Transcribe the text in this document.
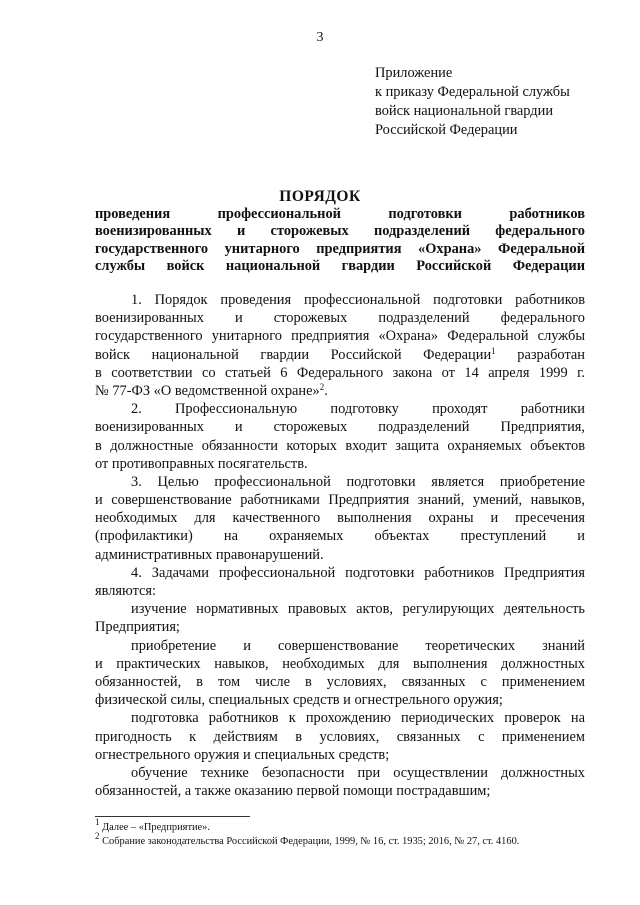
3
Приложение
к приказу Федеральной службы
войск национальной гвардии
Российской Федерации
ПОРЯДОК
проведения профессиональной подготовки работников
военизированных и сторожевых подразделений федерального
государственного унитарного предприятия «Охрана» Федеральной
службы войск национальной гвардии Российской Федерации
1. Порядок проведения профессиональной подготовки работников
военизированных и сторожевых подразделений федерального
государственного унитарного предприятия «Охрана» Федеральной службы
войск национальной гвардии Российской Федерации$^1$ разработан
в соответствии со статьей 6 Федерального закона от 14 апреля 1999 г.
№ 77-ФЗ «О ведомственной охране»$^2$.
2. Профессиональную подготовку проходят работники
военизированных и сторожевых подразделений Предприятия,
в должностные обязанности которых входит защита охраняемых объектов
от противоправных посягательств.
3. Целью профессиональной подготовки является приобретение
и совершенствование работниками Предприятия знаний, умений, навыков,
необходимых для качественного выполнения охраны и пресечения
(профилактики) на охраняемых объектах преступлений и
административных правонарушений.
4. Задачами профессиональной подготовки работников Предприятия
являются:
изучение нормативных правовых актов, регулирующих деятельность
Предприятия;
приобретение и совершенствование теоретических знаний
и практических навыков, необходимых для выполнения должностных
обязанностей, в том числе в условиях, связанных с применением
физической силы, специальных средств и огнестрельного оружия;
подготовка работников к прохождению периодических проверок на
пригодность к действиям в условиях, связанных с применением
огнестрельного оружия и специальных средств;
обучение технике безопасности при осуществлении должностных
обязанностей, а также оказанию первой помощи пострадавшим;
$^1$ Далее – «Предприятие».
$^2$ Собрание законодательства Российской Федерации, 1999, № 16, ст. 1935; 2016, № 27, ст. 4160.
